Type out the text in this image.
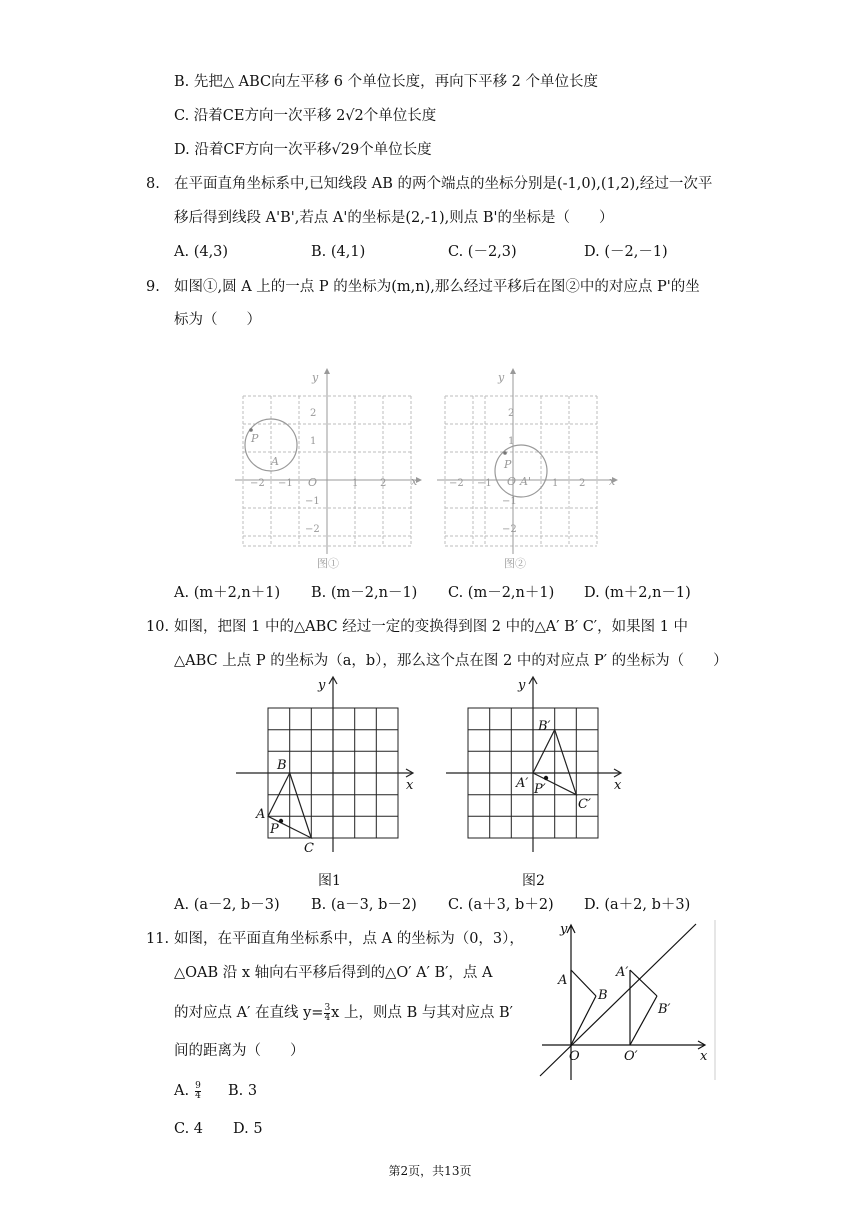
B. 先把△ ABC向左平移 6 个单位长度，再向下平移 2 个单位长度
C. 沿着CE方向一次平移 2√2个单位长度
D. 沿着CF方向一次平移√29个单位长度
8. 在平面直角坐标系中,已知线段 AB 的两个端点的坐标分别是(-1,0),(1,2),经过一次平
移后得到线段 A'B',若点 A'的坐标是(2,-1),则点 B'的坐标是（　　）
A. (4,3)	B. (4,1)	C. (－2,3)	D. (－2,－1)
9. 如图①,圆 A 上的一点 P 的坐标为(m,n),那么经过平移后在图②中的对应点 P'的坐
标为（　　）
y
x
O
P
A
−2 −1	1 2
2
1
−1
−2
图①
y
x
O
P'
A'
−2 −1	1 2
2
1
−1
−2
图②
A. (m＋2,n＋1) B. (m－2,n－1) C. (m－2,n＋1) D. (m＋2,n－1)
10. 如图，把图 1 中的△ABC 经过一定的变换得到图 2 中的△A′ B′ C′，如果图 1 中
△ABC 上点 P 的坐标为（a，b），那么这个点在图 2 中的对应点 P′ 的坐标为（　　）
y
x
B
A
P
C
图1
y
x
B′
A′ P′
C′
图2
A. (a－2, b－3) B. (a－3, b－2) C. (a＋3, b＋2) D. (a＋2, b＋3)
11. 如图，在平面直角坐标系中，点 A 的坐标为（0，3），
△OAB 沿 x 轴向右平移后得到的△O′ A′ B′，点 A
的对应点 A′ 在直线 $y= \frac{3}{4}$ x 上，则点 B 与其对应点 B′
间的距离为（　　）
A. $\frac{9}{4} B$. 3
C. 4 D. 5
y
x
O	O′
A
B
A′
B′
第2页，共13页
